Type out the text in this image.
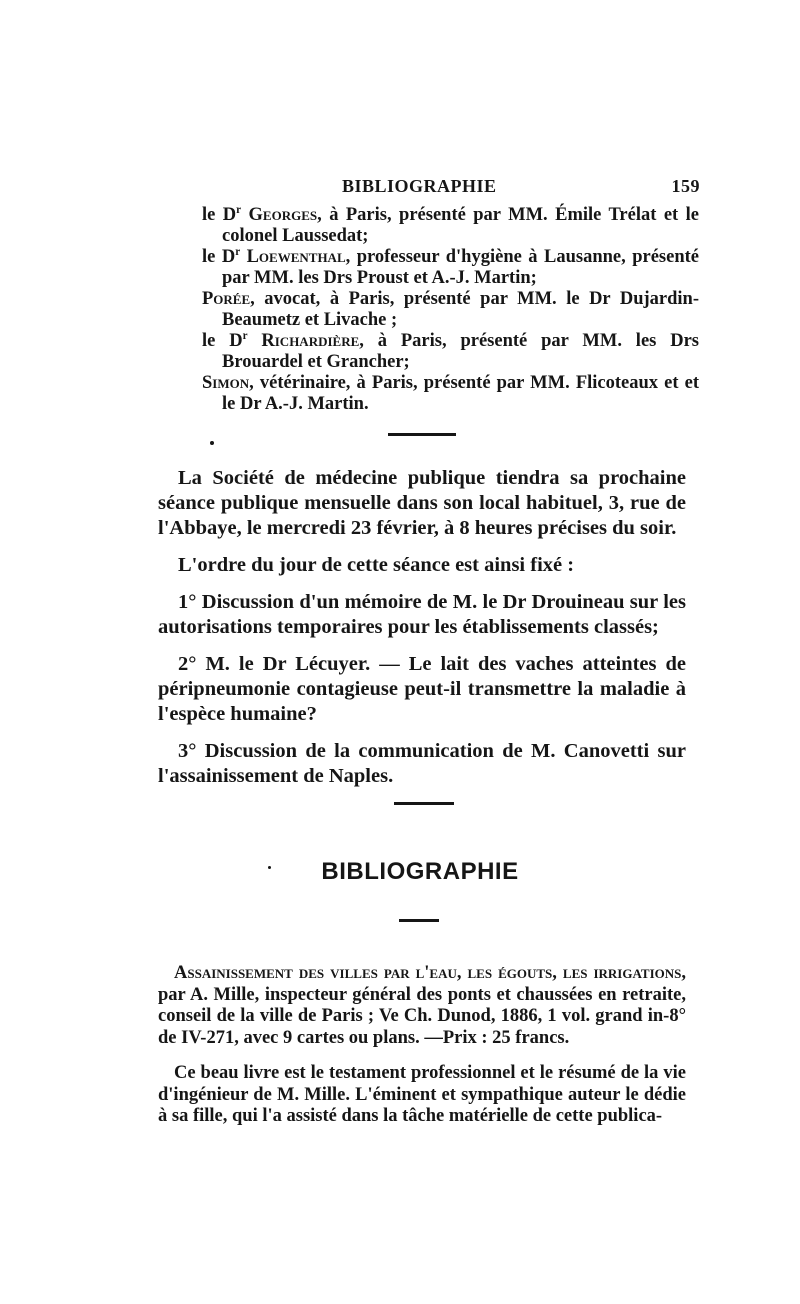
BIBLIOGRAPHIE	159

le $D^r$ Georges, à Paris, présenté par MM. Émile Trélat et le colonel Laussedat;

le $D^r$ Loewenthal, professeur d'hygiène à Lausanne, présenté par MM. les Drs Proust et A.-J. Martin;

Porée, avocat, à Paris, présenté par MM. le Dr Dujardin-Beaumetz et Livache ;

le $D^r$ Richardière, à Paris, présenté par MM. les Drs Brouardel et Grancher;

Simon, vétérinaire, à Paris, présenté par MM. Flicoteaux et et le Dr A.-J. Martin.

La Société de médecine publique tiendra sa prochaine séance publique mensuelle dans son local habituel, 3, rue de l'Abbaye, le mercredi 23 février, à 8 heures précises du soir.

L'ordre du jour de cette séance est ainsi fixé :

1° Discussion d'un mémoire de M. le Dr Drouineau sur les autorisations temporaires pour les établissements classés;

2° M. le Dr Lécuyer. — Le lait des vaches atteintes de péripneumonie contagieuse peut-il transmettre la maladie à l'espèce humaine?

3° Discussion de la communication de M. Canovetti sur l'assainissement de Naples.

BIBLIOGRAPHIE

Assainissement des villes par l'eau, les égouts, les irrigations, par A. Mille, inspecteur général des ponts et chaussées en retraite, conseil de la ville de Paris ; Ve Ch. Dunod, 1886, 1 vol. grand in-8° de IV-271, avec 9 cartes ou plans. —Prix : 25 francs.

Ce beau livre est le testament professionnel et le résumé de la vie d'ingénieur de M. Mille. L'éminent et sympathique auteur le dédie à sa fille, qui l'a assisté dans la tâche matérielle de cette publica-
